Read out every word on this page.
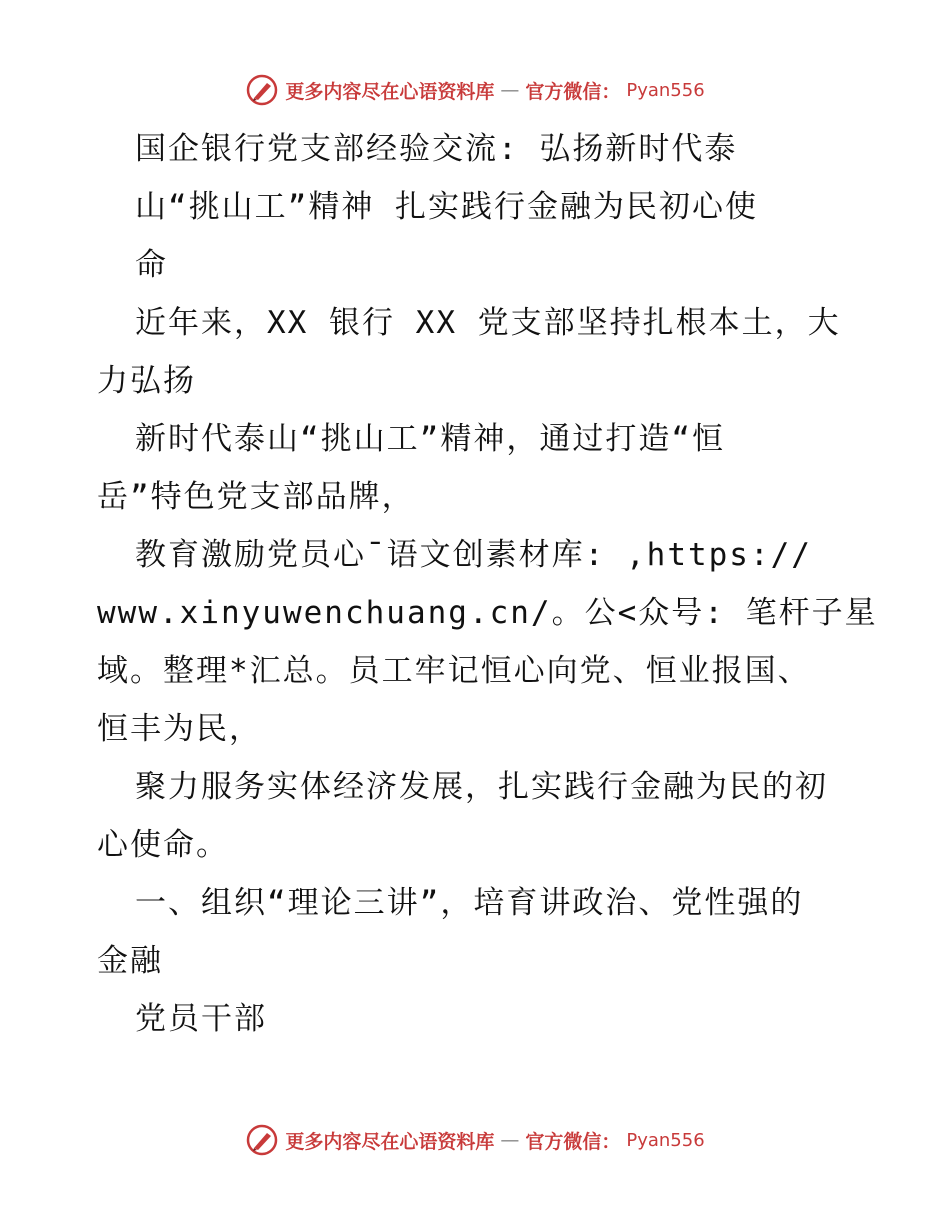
更多内容尽在心语资料库 — 官方微信： Pyan556
国企银行党支部经验交流: 弘扬新时代泰
山“挑山工”精神 扎实践行金融为民初心使
命
近年来，XX 银行 XX 党支部坚持扎根本土，大
力弘扬
新时代泰山“挑山工”精神，通过打造“恒
岳”特色党支部品牌，
教育激励党员心¯语文创素材库: ,https://
www.xinyuwenchuang.cn/。公<众号: 笔杆子星
域。整理*汇总。员工牢记恒心向党、恒业报国、
恒丰为民，
聚力服务实体经济发展，扎实践行金融为民的初
心使命。
一、组织“理论三讲”，培育讲政治、党性强的
金融
党员干部
更多内容尽在心语资料库 — 官方微信： Pyan556
